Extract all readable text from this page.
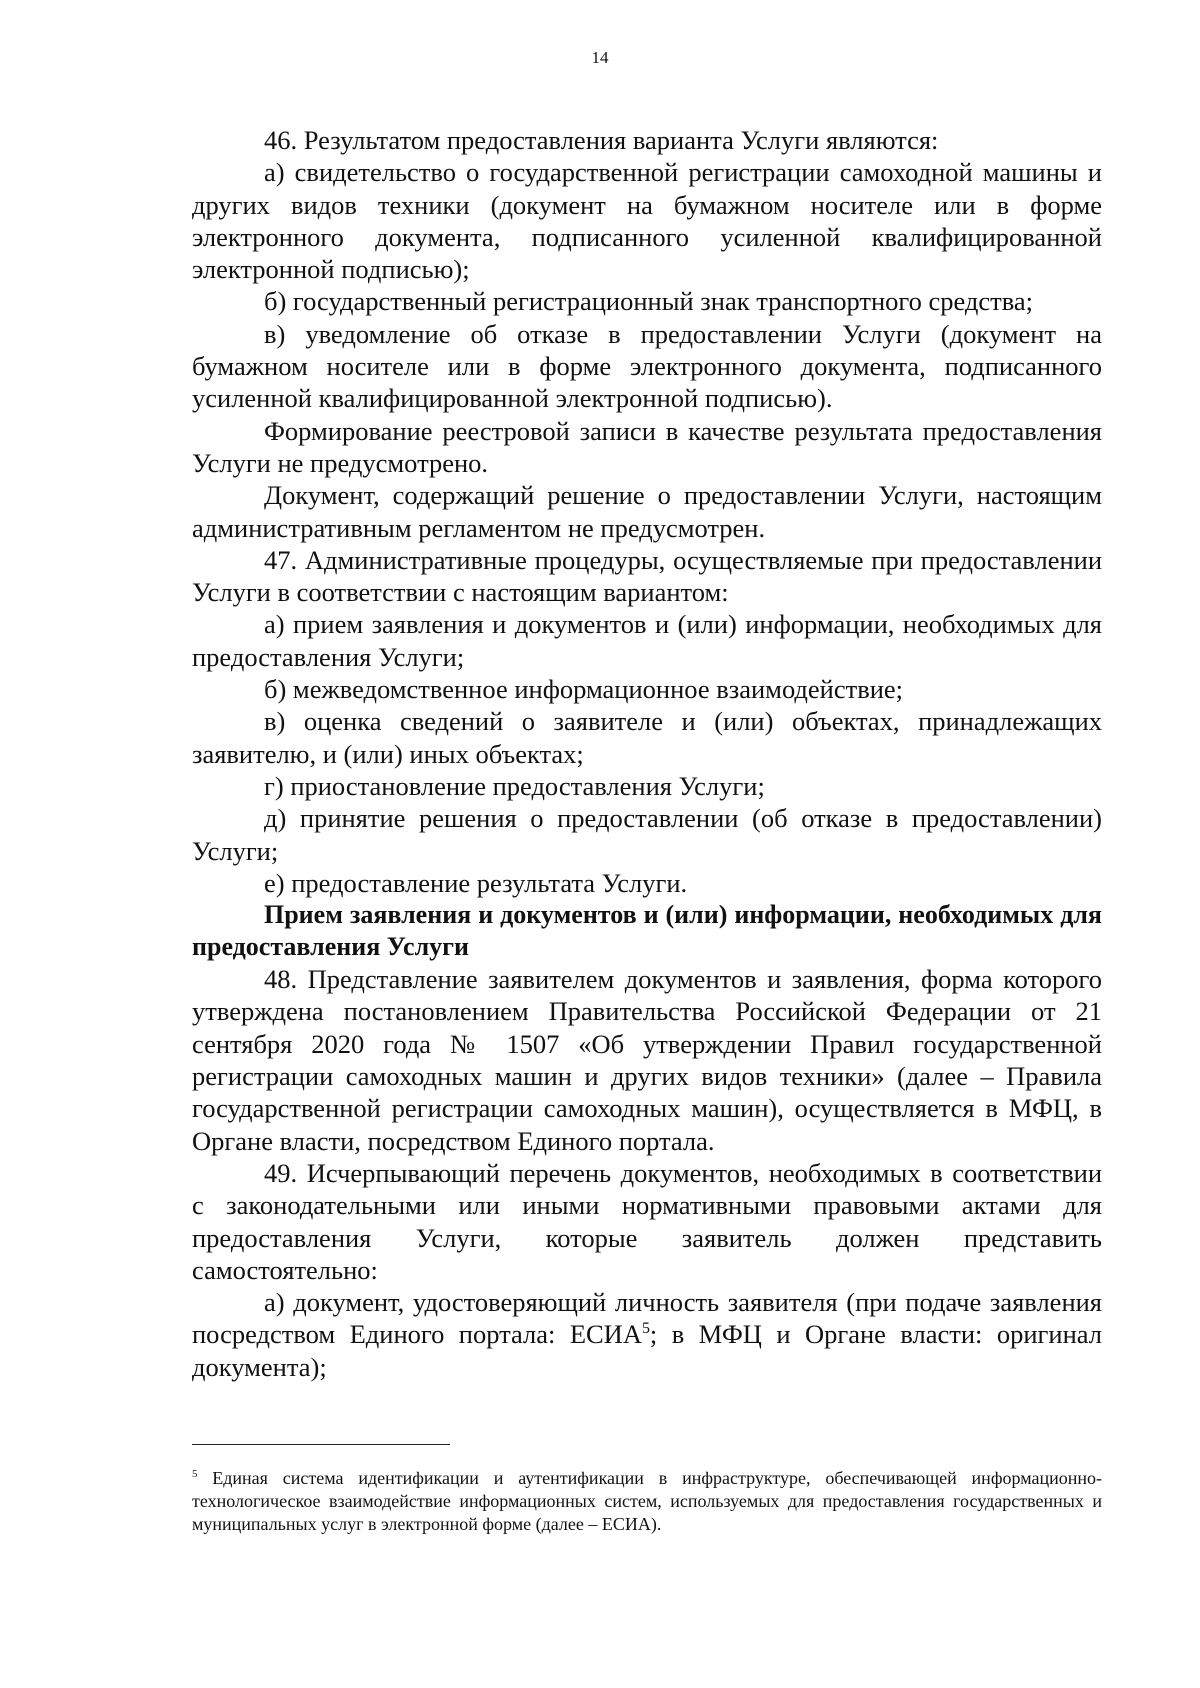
14

46. Результатом предоставления варианта Услуги являются:

а) свидетельство о государственной регистрации самоходной машины и других видов техники (документ на бумажном носителе или в форме электронного документа, подписанного усиленной квалифицированной электронной подписью);

б) государственный регистрационный знак транспортного средства;

в) уведомление об отказе в предоставлении Услуги (документ на бумажном носителе или в форме электронного документа, подписанного усиленной квалифицированной электронной подписью).

Формирование реестровой записи в качестве результата предоставления Услуги не предусмотрено.

Документ, содержащий решение о предоставлении Услуги, настоящим административным регламентом не предусмотрен.

47. Административные процедуры, осуществляемые при предоставлении Услуги в соответствии с настоящим вариантом:

а) прием заявления и документов и (или) информации, необходимых для предоставления Услуги;

б) межведомственное информационное взаимодействие;

в) оценка сведений о заявителе и (или) объектах, принадлежащих заявителю, и (или) иных объектах;

г) приостановление предоставления Услуги;

д) принятие решения о предоставлении (об отказе в предоставлении) Услуги;

е) предоставление результата Услуги.

Прием заявления и документов и (или) информации, необходимых для предоставления Услуги

48. Представление заявителем документов и заявления, форма которого утверждена постановлением Правительства Российской Федерации от 21 сентября 2020 года № 1507 «Об утверждении Правил государственной регистрации самоходных машин и других видов техники» (далее – Правила государственной регистрации самоходных машин), осуществляется в МФЦ, в Органе власти, посредством Единого портала.

49. Исчерпывающий перечень документов, необходимых в соответствии с законодательными или иными нормативными правовыми актами для предоставления Услуги, которые заявитель должен представить самостоятельно:

а) документ, удостоверяющий личность заявителя (при подаче заявления посредством Единого портала: ЕСИА$^5$; в МФЦ и Органе власти: оригинал документа);

$^5$ Единая система идентификации и аутентификации в инфраструктуре, обеспечивающей информационно-технологическое взаимодействие информационных систем, используемых для предоставления государственных и муниципальных услуг в электронной форме (далее – ЕСИА).
